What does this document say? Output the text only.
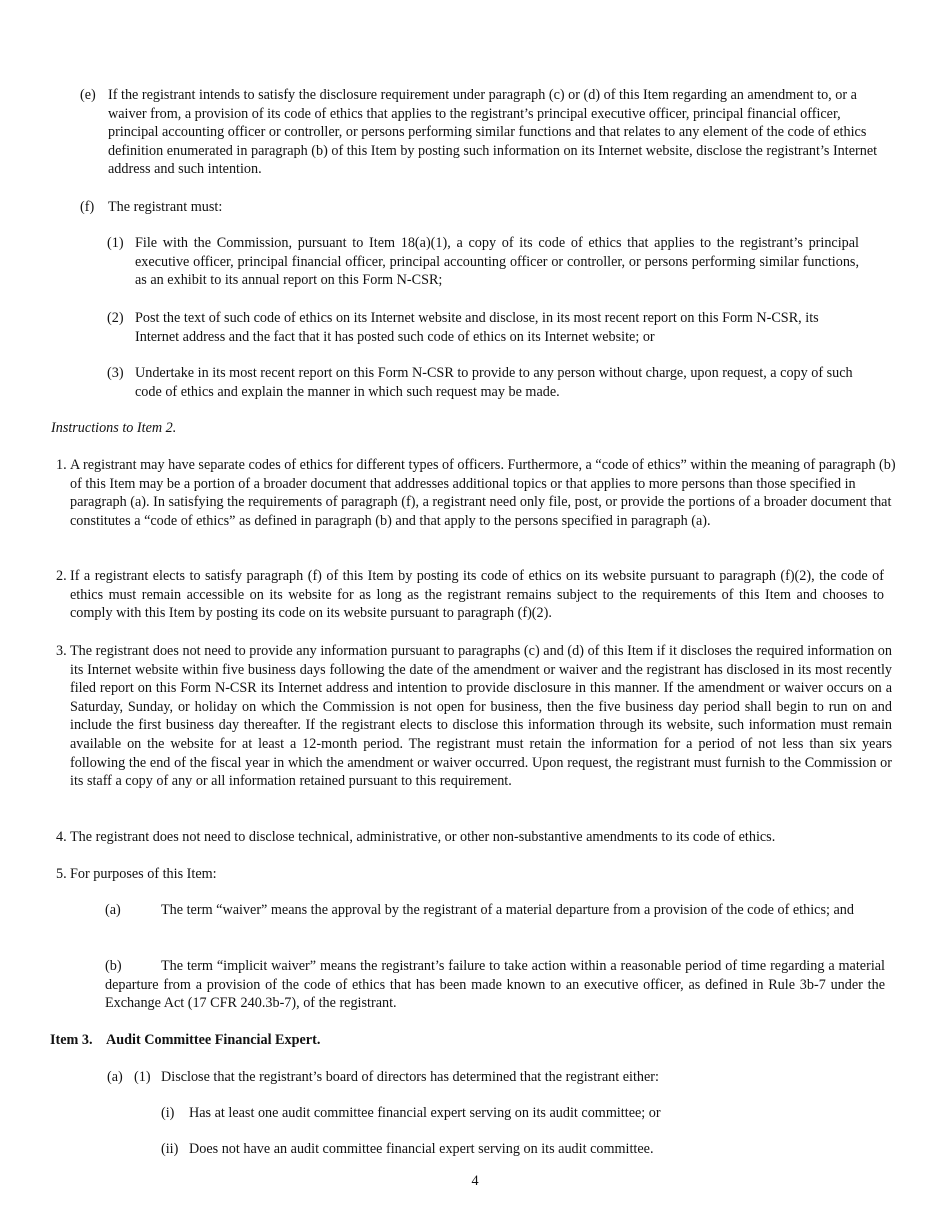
(e) If the registrant intends to satisfy the disclosure requirement under paragraph (c) or (d) of this Item regarding an amendment to, or a waiver from, a provision of its code of ethics that applies to the registrant’s principal executive officer, principal financial officer, principal accounting officer or controller, or persons performing similar functions and that relates to any element of the code of ethics definition enumerated in paragraph (b) of this Item by posting such information on its Internet website, disclose the registrant’s Internet address and such intention.
(f) The registrant must:
(1) File with the Commission, pursuant to Item 18(a)(1), a copy of its code of ethics that applies to the registrant’s principal executive officer, principal financial officer, principal accounting officer or controller, or persons performing similar functions, as an exhibit to its annual report on this Form N-CSR;
(2) Post the text of such code of ethics on its Internet website and disclose, in its most recent report on this Form N-CSR, its Internet address and the fact that it has posted such code of ethics on its Internet website; or
(3) Undertake in its most recent report on this Form N-CSR to provide to any person without charge, upon request, a copy of such code of ethics and explain the manner in which such request may be made.
Instructions to Item 2.
1. A registrant may have separate codes of ethics for different types of officers. Furthermore, a “code of ethics” within the meaning of paragraph (b) of this Item may be a portion of a broader document that addresses additional topics or that applies to more persons than those specified in paragraph (a). In satisfying the requirements of paragraph (f), a registrant need only file, post, or provide the portions of a broader document that constitutes a “code of ethics” as defined in paragraph (b) and that apply to the persons specified in paragraph (a).
2. If a registrant elects to satisfy paragraph (f) of this Item by posting its code of ethics on its website pursuant to paragraph (f)(2), the code of ethics must remain accessible on its website for as long as the registrant remains subject to the requirements of this Item and chooses to comply with this Item by posting its code on its website pursuant to paragraph (f)(2).
3. The registrant does not need to provide any information pursuant to paragraphs (c) and (d) of this Item if it discloses the required information on its Internet website within five business days following the date of the amendment or waiver and the registrant has disclosed in its most recently filed report on this Form N-CSR its Internet address and intention to provide disclosure in this manner. If the amendment or waiver occurs on a Saturday, Sunday, or holiday on which the Commission is not open for business, then the five business day period shall begin to run on and include the first business day thereafter. If the registrant elects to disclose this information through its website, such information must remain available on the website for at least a 12-month period. The registrant must retain the information for a period of not less than six years following the end of the fiscal year in which the amendment or waiver occurred. Upon request, the registrant must furnish to the Commission or its staff a copy of any or all information retained pursuant to this requirement.
4. The registrant does not need to disclose technical, administrative, or other non-substantive amendments to its code of ethics.
5. For purposes of this Item:
(a)	The term “waiver” means the approval by the registrant of a material departure from a provision of the code of ethics; and
(b)	The term “implicit waiver” means the registrant’s failure to take action within a reasonable period of time regarding a material departure from a provision of the code of ethics that has been made known to an executive officer, as defined in Rule 3b-7 under the Exchange Act (17 CFR 240.3b-7), of the registrant.
Item 3. Audit Committee Financial Expert.
(a) (1) Disclose that the registrant’s board of directors has determined that the registrant either:
(i) Has at least one audit committee financial expert serving on its audit committee; or
(ii) Does not have an audit committee financial expert serving on its audit committee.
4
